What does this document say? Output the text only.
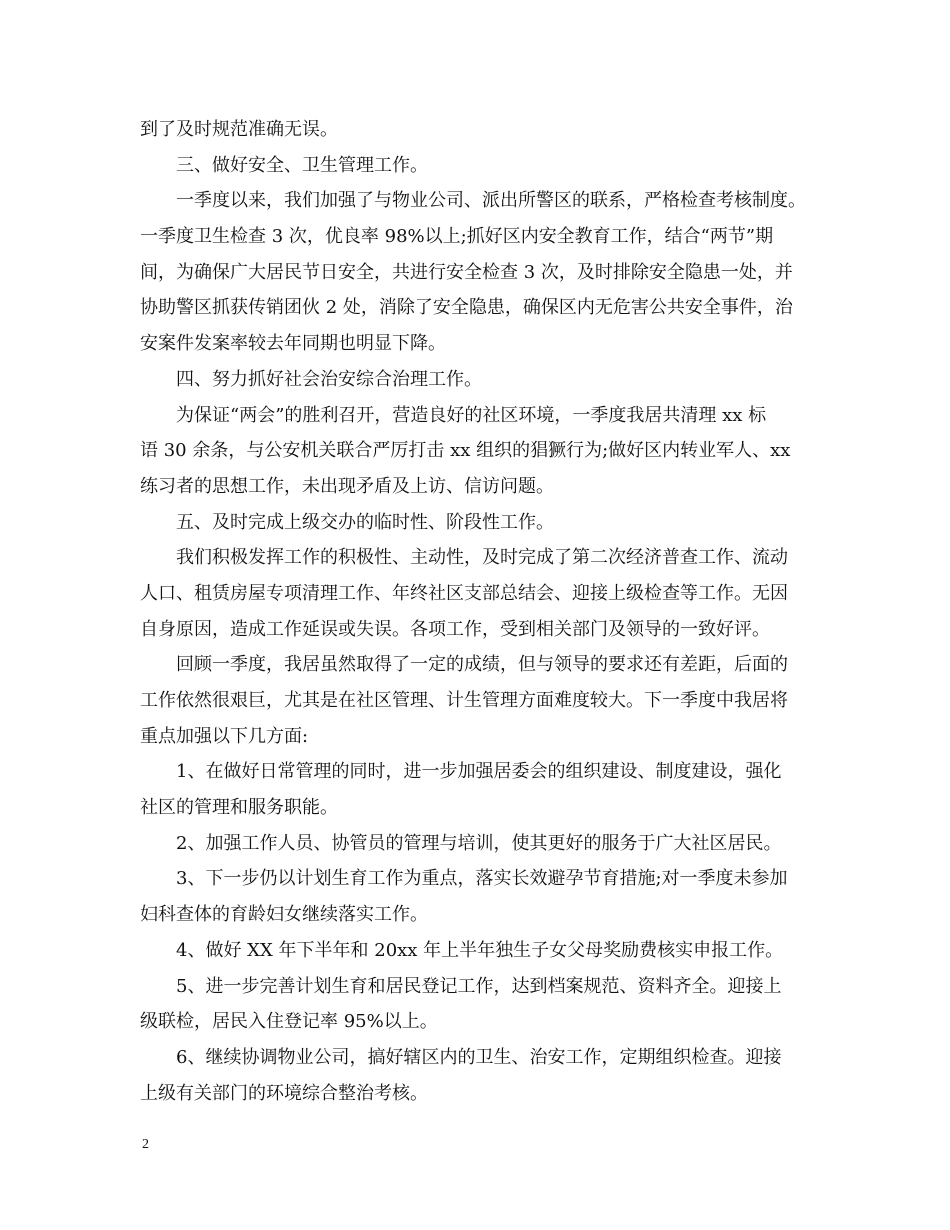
到了及时规范准确无误。
三、做好安全、卫生管理工作。
一季度以来，我们加强了与物业公司、派出所警区的联系，严格检查考核制度。
一季度卫生检查 3 次，优良率 98%以上;抓好区内安全教育工作，结合“两节”期
间，为确保广大居民节日安全，共进行安全检查 3 次，及时排除安全隐患一处，并
协助警区抓获传销团伙 2 处，消除了安全隐患，确保区内无危害公共安全事件，治
安案件发案率较去年同期也明显下降。
四、努力抓好社会治安综合治理工作。
为保证“两会”的胜利召开，营造良好的社区环境，一季度我居共清理 xx 标
语 30 余条，与公安机关联合严厉打击 xx 组织的猖獗行为;做好区内转业军人、xx
练习者的思想工作，未出现矛盾及上访、信访问题。
五、及时完成上级交办的临时性、阶段性工作。
我们积极发挥工作的积极性、主动性，及时完成了第二次经济普查工作、流动
人口、租赁房屋专项清理工作、年终社区支部总结会、迎接上级检查等工作。无因
自身原因，造成工作延误或失误。各项工作，受到相关部门及领导的一致好评。
回顾一季度，我居虽然取得了一定的成绩，但与领导的要求还有差距，后面的
工作依然很艰巨，尤其是在社区管理、计生管理方面难度较大。下一季度中我居将
重点加强以下几方面:
1、在做好日常管理的同时，进一步加强居委会的组织建设、制度建设，强化
社区的管理和服务职能。
2、加强工作人员、协管员的管理与培训，使其更好的服务于广大社区居民。
3、下一步仍以计划生育工作为重点，落实长效避孕节育措施;对一季度未参加
妇科查体的育龄妇女继续落实工作。
4、做好 XX 年下半年和 20xx 年上半年独生子女父母奖励费核实申报工作。
5、进一步完善计划生育和居民登记工作，达到档案规范、资料齐全。迎接上
级联检，居民入住登记率 95%以上。
6、继续协调物业公司，搞好辖区内的卫生、治安工作，定期组织检查。迎接
上级有关部门的环境综合整治考核。
2
